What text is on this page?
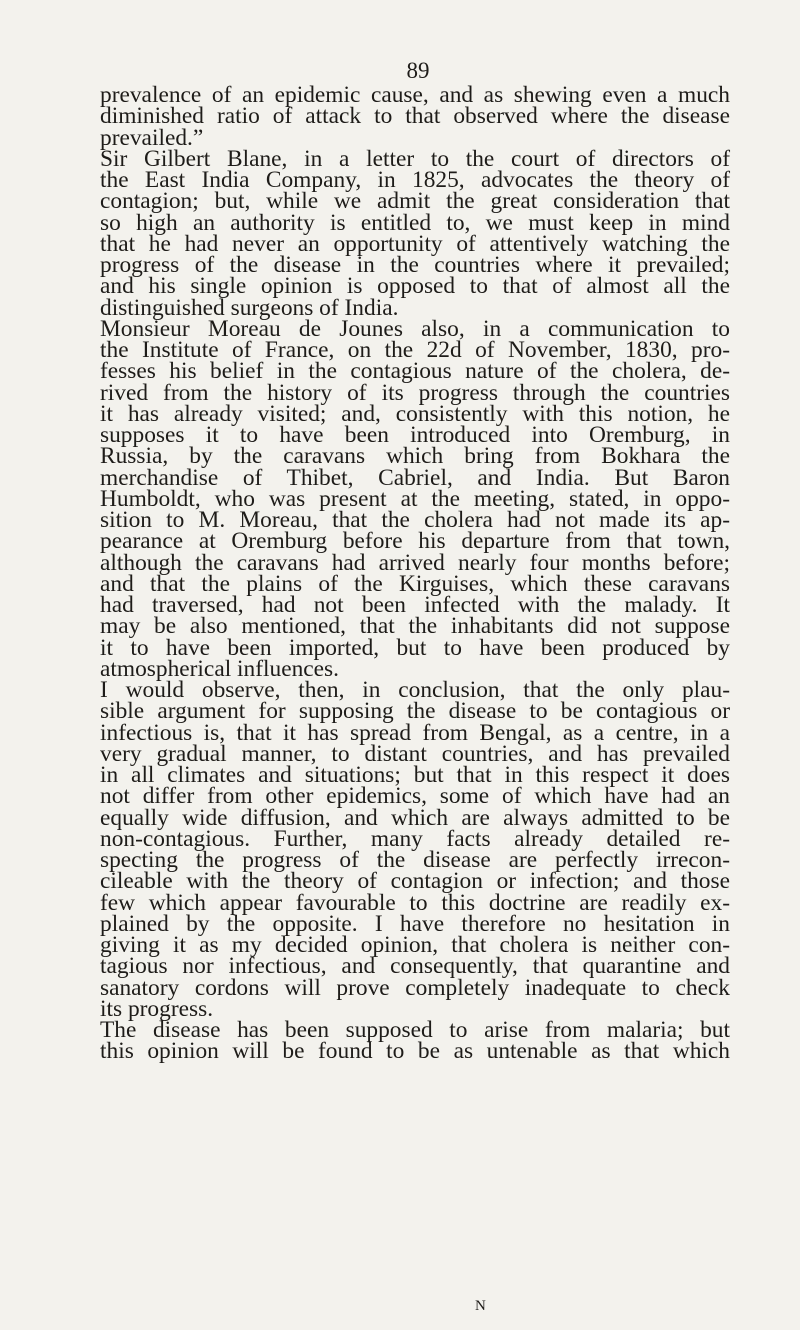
89
prevalence of an epidemic cause, and as shewing even a much
diminished ratio of attack to that observed where the disease
prevailed.”
Sir Gilbert Blane, in a letter to the court of directors of
the East India Company, in 1825, advocates the theory of
contagion; but, while we admit the great consideration that
so high an authority is entitled to, we must keep in mind
that he had never an opportunity of attentively watching the
progress of the disease in the countries where it prevailed;
and his single opinion is opposed to that of almost all the
distinguished surgeons of India.
Monsieur Moreau de Jounes also, in a communication to
the Institute of France, on the 22d of November, 1830, pro-
fesses his belief in the contagious nature of the cholera, de-
rived from the history of its progress through the countries
it has already visited; and, consistently with this notion, he
supposes it to have been introduced into Oremburg, in
Russia, by the caravans which bring from Bokhara the
merchandise of Thibet, Cabriel, and India. But Baron
Humboldt, who was present at the meeting, stated, in oppo-
sition to M. Moreau, that the cholera had not made its ap-
pearance at Oremburg before his departure from that town,
although the caravans had arrived nearly four months before;
and that the plains of the Kirguises, which these caravans
had traversed, had not been infected with the malady. It
may be also mentioned, that the inhabitants did not suppose
it to have been imported, but to have been produced by
atmospherical influences.
I would observe, then, in conclusion, that the only plau-
sible argument for supposing the disease to be contagious or
infectious is, that it has spread from Bengal, as a centre, in a
very gradual manner, to distant countries, and has prevailed
in all climates and situations; but that in this respect it does
not differ from other epidemics, some of which have had an
equally wide diffusion, and which are always admitted to be
non-contagious. Further, many facts already detailed re-
specting the progress of the disease are perfectly irrecon-
cileable with the theory of contagion or infection; and those
few which appear favourable to this doctrine are readily ex-
plained by the opposite. I have therefore no hesitation in
giving it as my decided opinion, that cholera is neither con-
tagious nor infectious, and consequently, that quarantine and
sanatory cordons will prove completely inadequate to check
its progress.
The disease has been supposed to arise from malaria; but
this opinion will be found to be as untenable as that which
N
